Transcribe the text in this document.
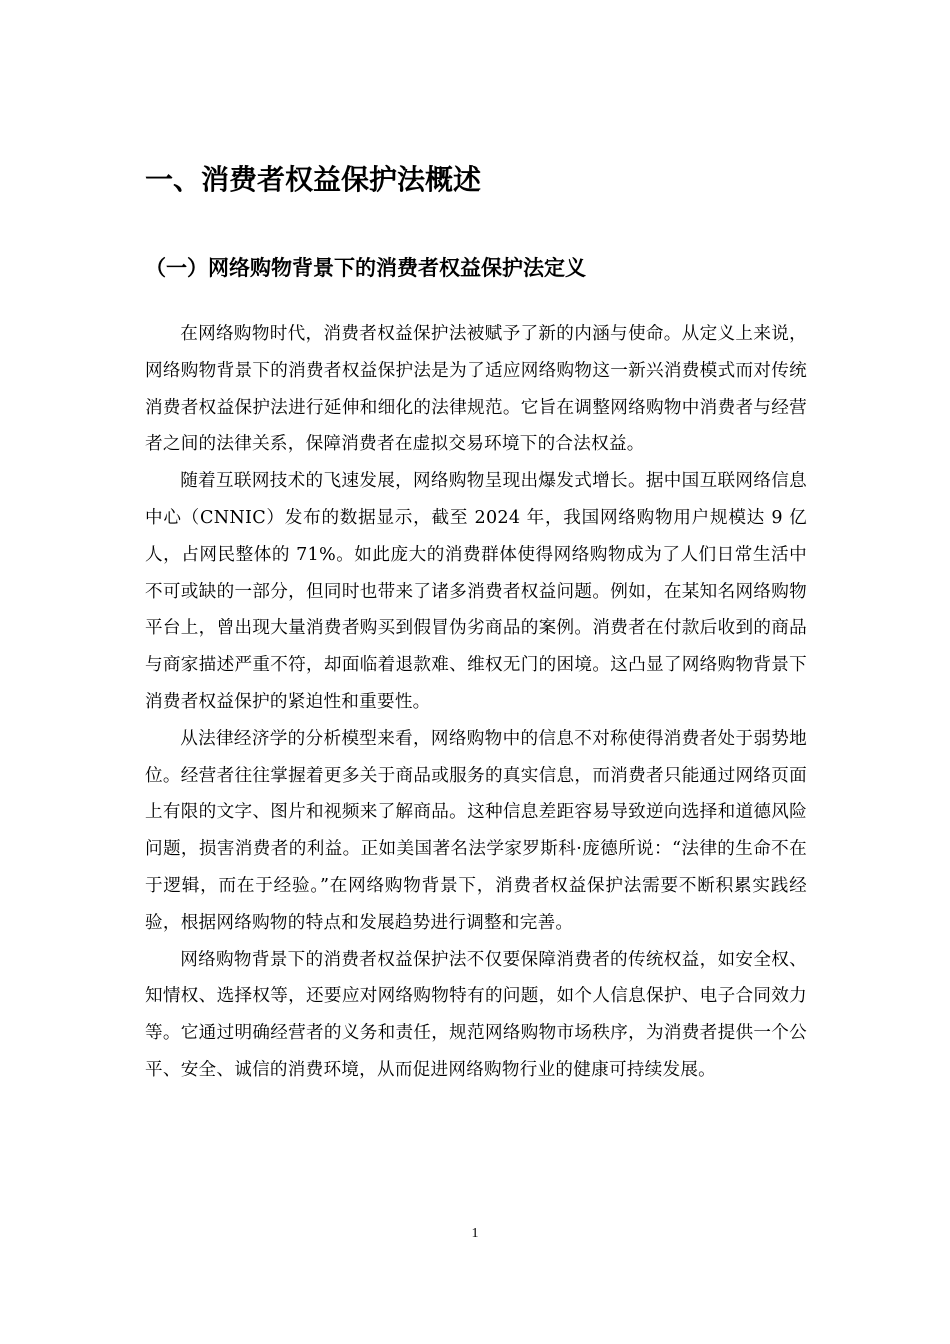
一、消费者权益保护法概述
（一）网络购物背景下的消费者权益保护法定义

在网络购物时代，消费者权益保护法被赋予了新的内涵与使命。从定义上来说，网络购物背景下的消费者权益保护法是为了适应网络购物这一新兴消费模式而对传统消费者权益保护法进行延伸和细化的法律规范。它旨在调整网络购物中消费者与经营者之间的法律关系，保障消费者在虚拟交易环境下的合法权益。

随着互联网技术的飞速发展，网络购物呈现出爆发式增长。据中国互联网络信息中心（CNNIC）发布的数据显示，截至 2024 年，我国网络购物用户规模达 9 亿人，占网民整体的 71%。如此庞大的消费群体使得网络购物成为了人们日常生活中不可或缺的一部分，但同时也带来了诸多消费者权益问题。例如，在某知名网络购物平台上，曾出现大量消费者购买到假冒伪劣商品的案例。消费者在付款后收到的商品与商家描述严重不符，却面临着退款难、维权无门的困境。这凸显了网络购物背景下消费者权益保护的紧迫性和重要性。

从法律经济学的分析模型来看，网络购物中的信息不对称使得消费者处于弱势地位。经营者往往掌握着更多关于商品或服务的真实信息，而消费者只能通过网络页面上有限的文字、图片和视频来了解商品。这种信息差距容易导致逆向选择和道德风险问题，损害消费者的利益。正如美国著名法学家罗斯科·庞德所说：“法律的生命不在于逻辑，而在于经验。”在网络购物背景下，消费者权益保护法需要不断积累实践经验，根据网络购物的特点和发展趋势进行调整和完善。

网络购物背景下的消费者权益保护法不仅要保障消费者的传统权益，如安全权、知情权、选择权等，还要应对网络购物特有的问题，如个人信息保护、电子合同效力等。它通过明确经营者的义务和责任，规范网络购物市场秩序，为消费者提供一个公平、安全、诚信的消费环境，从而促进网络购物行业的健康可持续发展。

1
